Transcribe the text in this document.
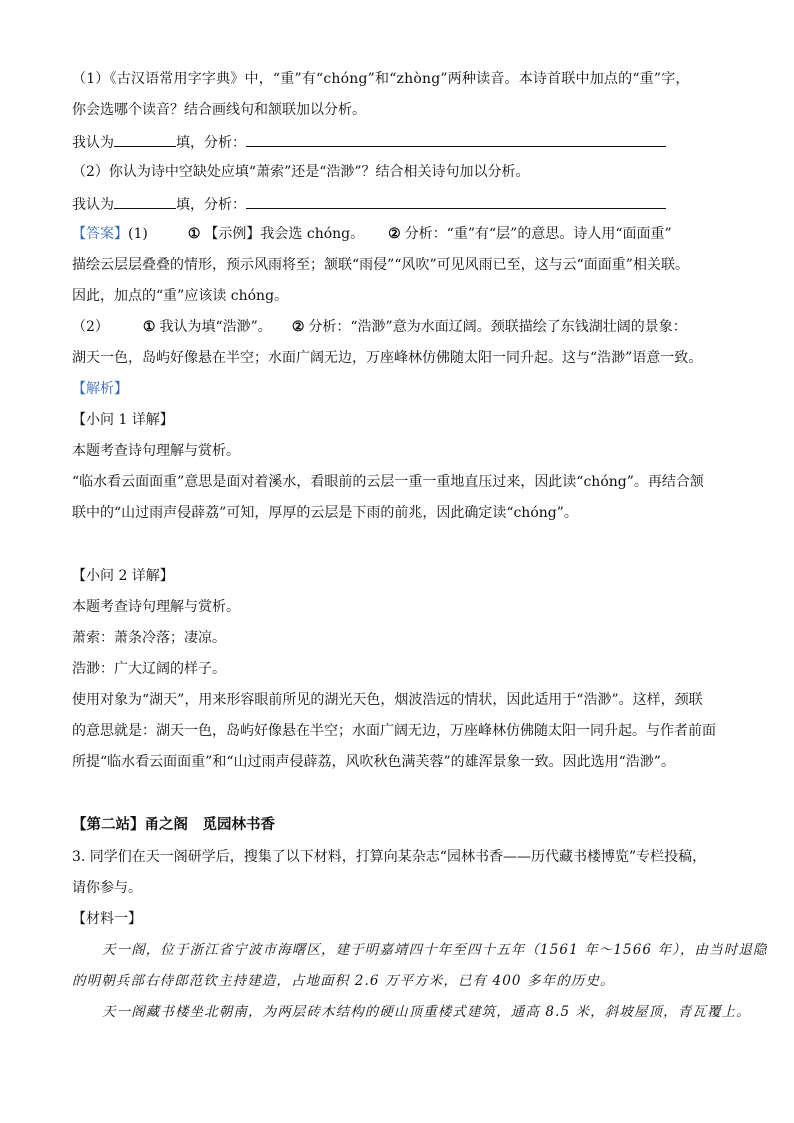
（1）《古汉语常用字字典》中，“重”有“chóng”和“zhòng”两种读音。本诗首联中加点的“重”字，
你会选哪个读音？结合画线句和颔联加以分析。
我认为	填，分析：
（2）你认为诗中空缺处应填“萧索”还是“浩渺”？结合相关诗句加以分析。
我认为	填，分析：
【答案】(1)	① 【示例】我会选 chóng。 ② 分析：“重”有“层”的意思。诗人用“面面重”
描绘云层层叠叠的情形，预示风雨将至；颔联“雨侵”“风吹”可见风雨已至，这与云“面面重”相关联。
因此，加点的“重”应该读 chóng。
（2） ① 我认为填“浩渺”。 ② 分析：“浩渺”意为水面辽阔。颈联描绘了东钱湖壮阔的景象：
湖天一色，岛屿好像悬在半空；水面广阔无边，万座峰林仿佛随太阳一同升起。这与“浩渺”语意一致。
【解析】
【小问 1 详解】
本题考查诗句理解与赏析。
“临水看云面面重”意思是面对着溪水，看眼前的云层一重一重地直压过来，因此读“chóng”。再结合颔
联中的“山过雨声侵薜荔”可知，厚厚的云层是下雨的前兆，因此确定读“chóng”。
【小问 2 详解】
本题考查诗句理解与赏析。
萧索：萧条冷落；凄凉。
浩渺：广大辽阔的样子。
使用对象为“湖天”，用来形容眼前所见的湖光天色，烟波浩远的情状，因此适用于“浩渺”。这样，颈联
的意思就是：湖天一色，岛屿好像悬在半空；水面广阔无边，万座峰林仿佛随太阳一同升起。与作者前面
所提“临水看云面面重”和“山过雨声侵薜荔，风吹秋色满芙蓉”的雄浑景象一致。因此选用“浩渺”。
【第二站】甬之阁　觅园林书香
3. 同学们在天一阁研学后，搜集了以下材料，打算向某杂志“园林书香——历代藏书楼博览”专栏投稿，
请你参与。
【材料一】
天一阁，位于浙江省宁波市海曙区，建于明嘉靖四十年至四十五年（1561 年～1566 年），由当时退隐
的明朝兵部右侍郎范钦主持建造，占地面积 2.6 万平方米，已有 400 多年的历史。
天一阁藏书楼坐北朝南，为两层砖木结构的硬山顶重楼式建筑，通高 8.5 米，斜坡屋顶，青瓦覆上。
